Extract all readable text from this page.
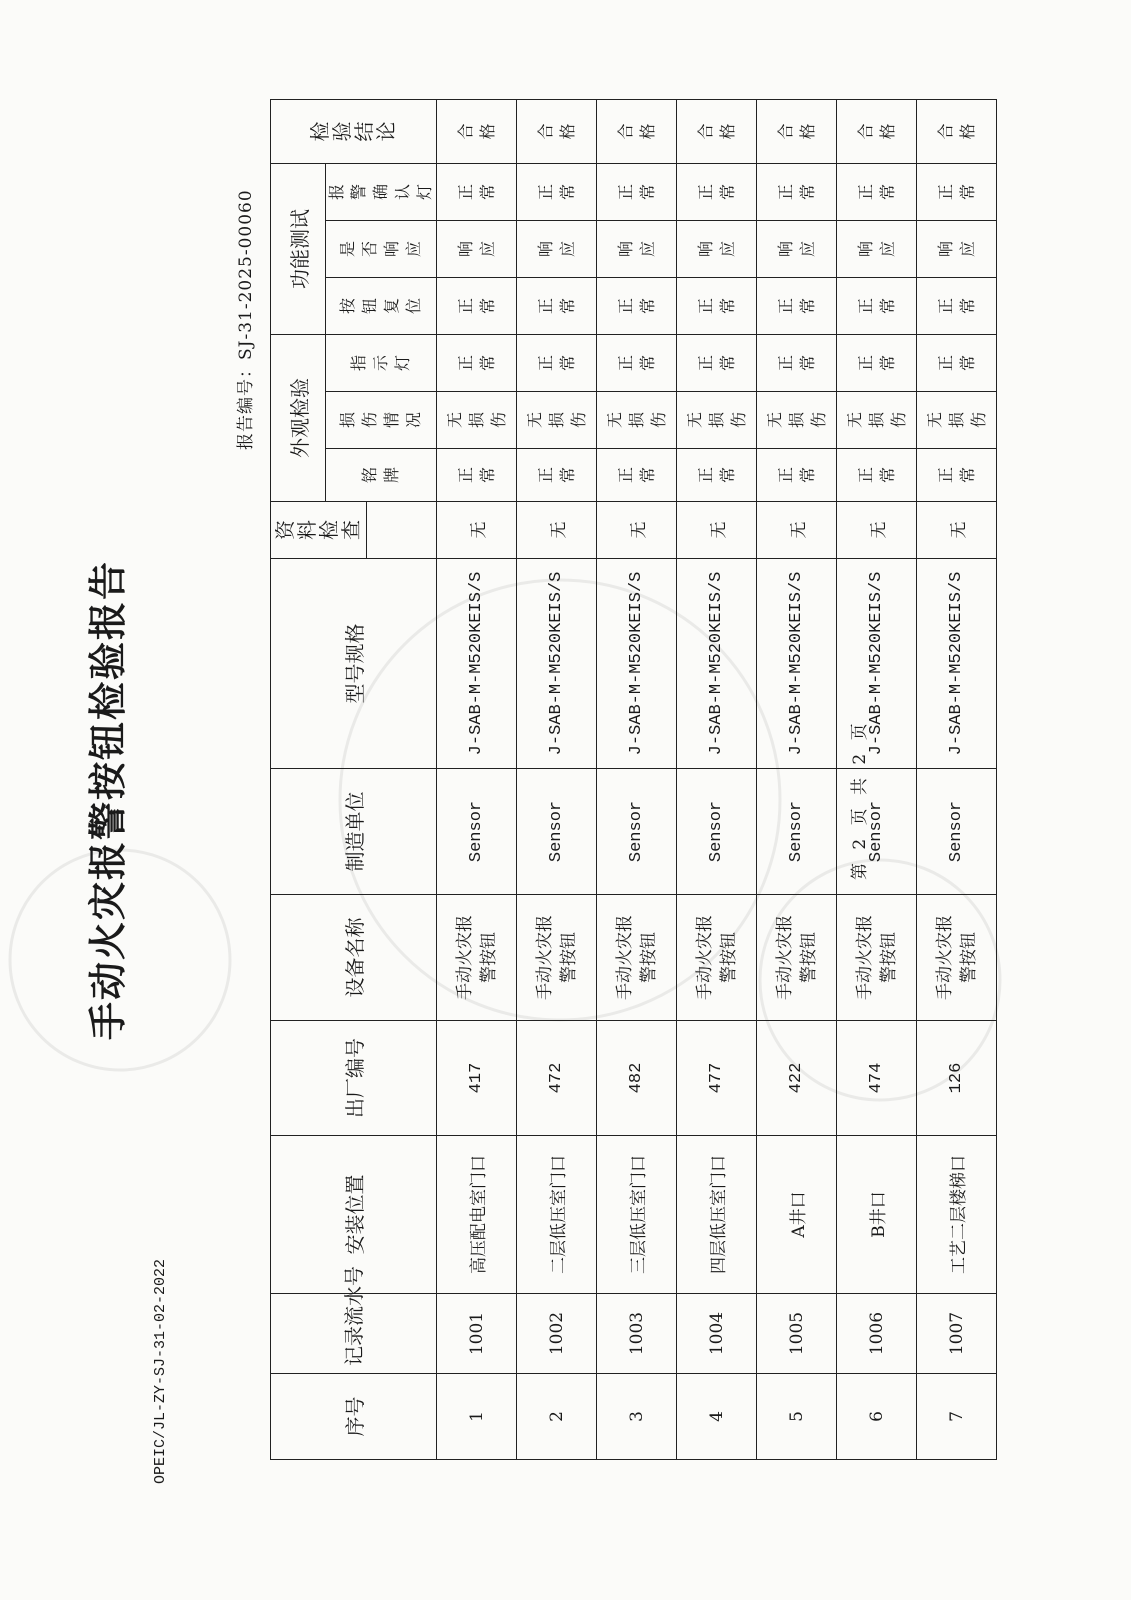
OPEIC/JL-ZY-SJ-31-02-2022
手动火灾报警按钮检验报告
报告编号：SJ-31-2025-00060
序号	记录流水号	安装位置	出厂编号	设备名称	制造单位	型号规格	资料检查	外观检验			功能测试			检验结论
								铭牌	损伤情况	指示灯	按钮复位	是否响应	报警确认灯	

1	1001	高压配电室门口	417	手动火灾报警按钮	Sensor	J-SAB-M-M520KEIS/S	无	正常	无损伤	正常	正常	响应	正常	合格
2	1002	二层低压室门口	472	手动火灾报警按钮	Sensor	J-SAB-M-M520KEIS/S	无	正常	无损伤	正常	正常	响应	正常	合格
3	1003	三层低压室门口	482	手动火灾报警按钮	Sensor	J-SAB-M-M520KEIS/S	无	正常	无损伤	正常	正常	响应	正常	合格
4	1004	四层低压室门口	477	手动火灾报警按钮	Sensor	J-SAB-M-M520KEIS/S	无	正常	无损伤	正常	正常	响应	正常	合格
5	1005	A井口	422	手动火灾报警按钮	Sensor	J-SAB-M-M520KEIS/S	无	正常	无损伤	正常	正常	响应	正常	合格
6	1006	B井口	474	手动火灾报警按钮	Sensor	J-SAB-M-M520KEIS/S	无	正常	无损伤	正常	正常	响应	正常	合格
7	1007	工艺二层楼梯口	126	手动火灾报警按钮	Sensor	J-SAB-M-M520KEIS/S	无	正常	无损伤	正常	正常	响应	正常	合格
第 2 页 共 2 页
